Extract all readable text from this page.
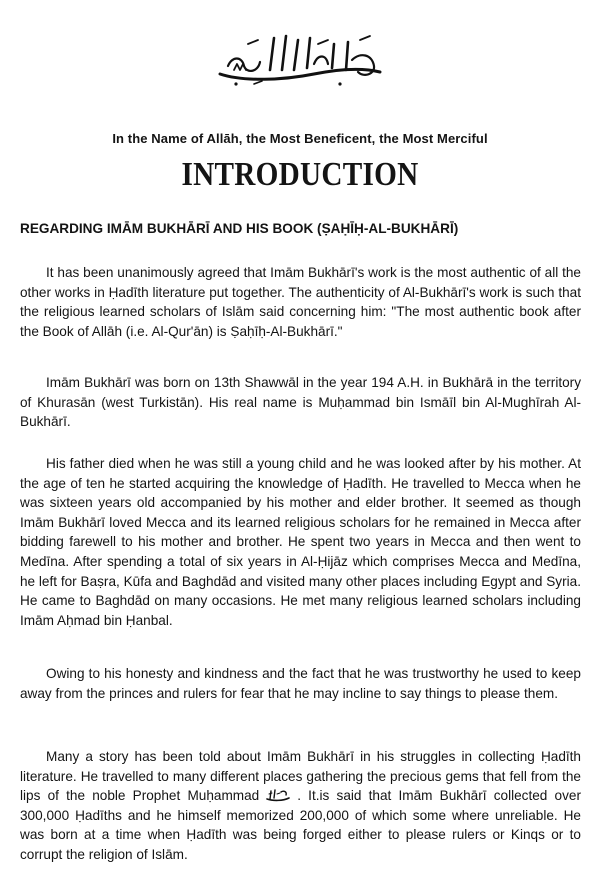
In the Name of Allāh, the Most Beneficent, the Most Merciful
INTRODUCTION
REGARDING IMĀM BUKHĀRĪ AND HIS BOOK (ṢAḤĪḤ-AL-BUKHĀRĪ)

It has been unanimously agreed that Imām Bukhārī's work is the most authentic of all the other works in Ḥadīth literature put together. The authenticity of Al-Bukhārī's work is such that the religious learned scholars of Islām said concerning him: "The most authentic book after the Book of Allāh (i.e. Al-Qur'ān) is Ṣaḥīḥ-Al-Bukhārī."

Imām Bukhārī was born on 13th Shawwāl in the year 194 A.H. in Bukhārā in the territory of Khurasān (west Turkistān). His real name is Muḥammad bin Ismāīl bin Al-Mughīrah Al-Bukhārī.

His father died when he was still a young child and he was looked after by his mother. At the age of ten he started acquiring the knowledge of Ḥadīth. He travelled to Mecca when he was sixteen years old accompanied by his mother and elder brother. It seemed as though Imām Bukhārī loved Mecca and its learned religious scholars for he remained in Mecca after bidding farewell to his mother and brother. He spent two years in Mecca and then went to Medīna. After spending a total of six years in Al-Ḥijāz which comprises Mecca and Medīna, he left for Baṣra, Kūfa and Baghdād and visited many other places including Egypt and Syria. He came to Baghdād on many occasions. He met many religious learned scholars including Imām Aḥmad bin Ḥanbal.

Owing to his honesty and kindness and the fact that he was trustworthy he used to keep away from the princes and rulers for fear that he may incline to say things to please them.

Many a story has been told about Imām Bukhārī in his struggles in collecting Ḥadīth literature. He travelled to many different places gathering the precious gems that fell from the lips of the noble Prophet Muḥammad	. It.is said that Imām Bukhārī collected over 300,000 Ḥadīths and he himself memorized 200,000 of which some where unreliable. He was born at a time when Ḥadīth was being forged either to please rulers or Kinqs or to corrupt the religion of Islām.
